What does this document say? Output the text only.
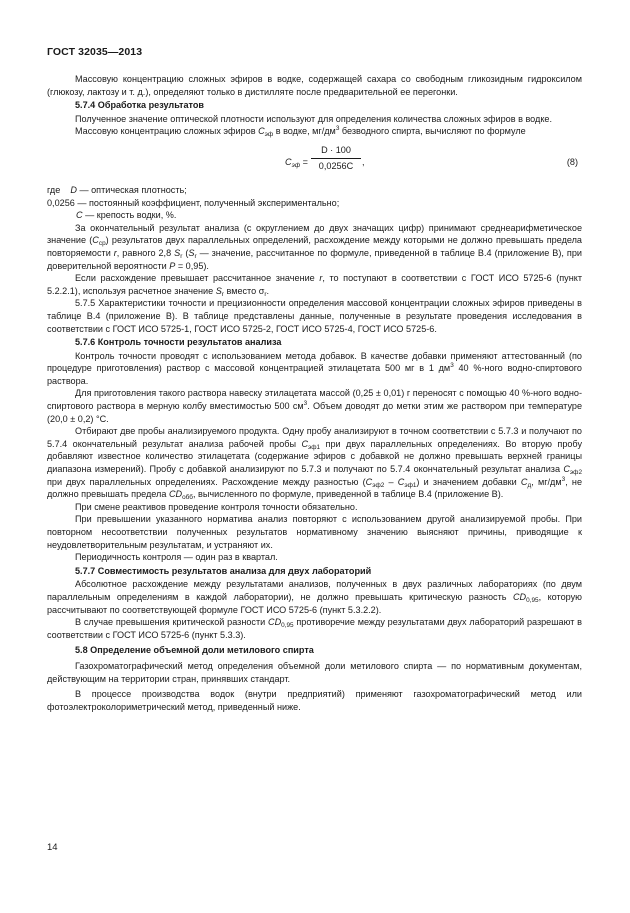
ГОСТ 32035—2013

Массовую концентрацию сложных эфиров в водке, содержащей сахара со свободным гликозидным гидроксилом (глюкозу, лактозу и т. д.), определяют только в дистилляте после предварительной ее перегонки.

5.7.4 Обработка результатов

Полученное значение оптической плотности используют для определения количества сложных эфиров в водке.

Массовую концентрацию сложных эфиров $C_{эф}$ в водке, $мг/дм^3$ безводного спирта, вычисляют по формуле

$C_{эф} = \frac{D \cdot 100}{0,0256C}$ ,	(8)

где D — оптическая плотность;

0,0256 — постоянный коэффициент, полученный экспериментально;

C — крепость водки, %.

За окончательный результат анализа (с округлением до двух значащих цифр) принимают среднеарифметическое значение $(C_{ср})$ результатов двух параллельных определений, расхождение между которыми не должно превышать предела повторяемости r, равного 2,8 $S_r$ ($S_r$ — значение, рассчитанное по формуле, приведенной в таблице В.4 (приложение В), при доверительной вероятности P = 0,95).

Если расхождение превышает рассчитанное значение r, то поступают в соответствии с ГОСТ ИСО 5725-6 (пункт 5.2.2.1), используя расчетное значение $S_r$ вместо $\sigma_r$.

5.7.5 Характеристики точности и прецизионности определения массовой концентрации сложных эфиров приведены в таблице В.4 (приложение В). В таблице представлены данные, полученные в результате проведения исследования в соответствии с ГОСТ ИСО 5725-1, ГОСТ ИСО 5725-2, ГОСТ ИСО 5725-4, ГОСТ ИСО 5725-6.

5.7.6 Контроль точности результатов анализа

Контроль точности проводят с использованием метода добавок. В качестве добавки применяют аттестованный (по процедуре приготовления) раствор с массовой концентрацией этилацетата 500 мг в 1 $дм^3$ 40 %-ного водно-спиртового раствора.

Для приготовления такого раствора навеску этилацетата массой (0,25 ± 0,01) г переносят с помощью 40 %-ного водно-спиртового раствора в мерную колбу вместимостью 500 $см^3$. Объем доводят до метки этим же раствором при температуре (20,0 ± 0,2) °С.

Отбирают две пробы анализируемого продукта. Одну пробу анализируют в точном соответствии с 5.7.3 и получают по 5.7.4 окончательный результат анализа рабочей пробы $C_{эф1}$ при двух параллельных определениях. Во вторую пробу добавляют известное количество этилацетата (содержание эфиров с добавкой не должно превышать верхней границы диапазона измерений). Пробу с добавкой анализируют по 5.7.3 и получают по 5.7.4 окончательный результат анализа $C_{эф2}$ при двух параллельных определениях. Расхождение между разностью $(C_{эф2} - C_{эф1})$ и значением добавки $C_д$, $мг/дм^3$, не должно превышать предела $CD_{обб}$, вычисленного по формуле, приведенной в таблице В.4 (приложение В).

При смене реактивов проведение контроля точности обязательно.

При превышении указанного норматива анализ повторяют с использованием другой анализируемой пробы. При повторном несоответствии полученных результатов нормативному значению выясняют причины, приводящие к неудовлетворительным результатам, и устраняют их.

Периодичность контроля — один раз в квартал.

5.7.7 Совместимость результатов анализа для двух лабораторий

Абсолютное расхождение между результатами анализов, полученных в двух различных лабораториях (по двум параллельным определениям в каждой лаборатории), не должно превышать критическую разность $CD_{0,95}$, которую рассчитывают по соответствующей формуле ГОСТ ИСО 5725-6 (пункт 5.3.2.2).

В случае превышения критической разности $CD_{0,95}$ противоречие между результатами двух лабораторий разрешают в соответствии с ГОСТ ИСО 5725-6 (пункт 5.3.3).

5.8 Определение объемной доли метилового спирта

Газохроматографический метод определения объемной доли метилового спирта — по нормативным документам, действующим на территории стран, принявших стандарт.

В процессе производства водок (внутри предприятий) применяют газохроматографический метод или фотоэлектроколориметрический метод, приведенный ниже.

14
